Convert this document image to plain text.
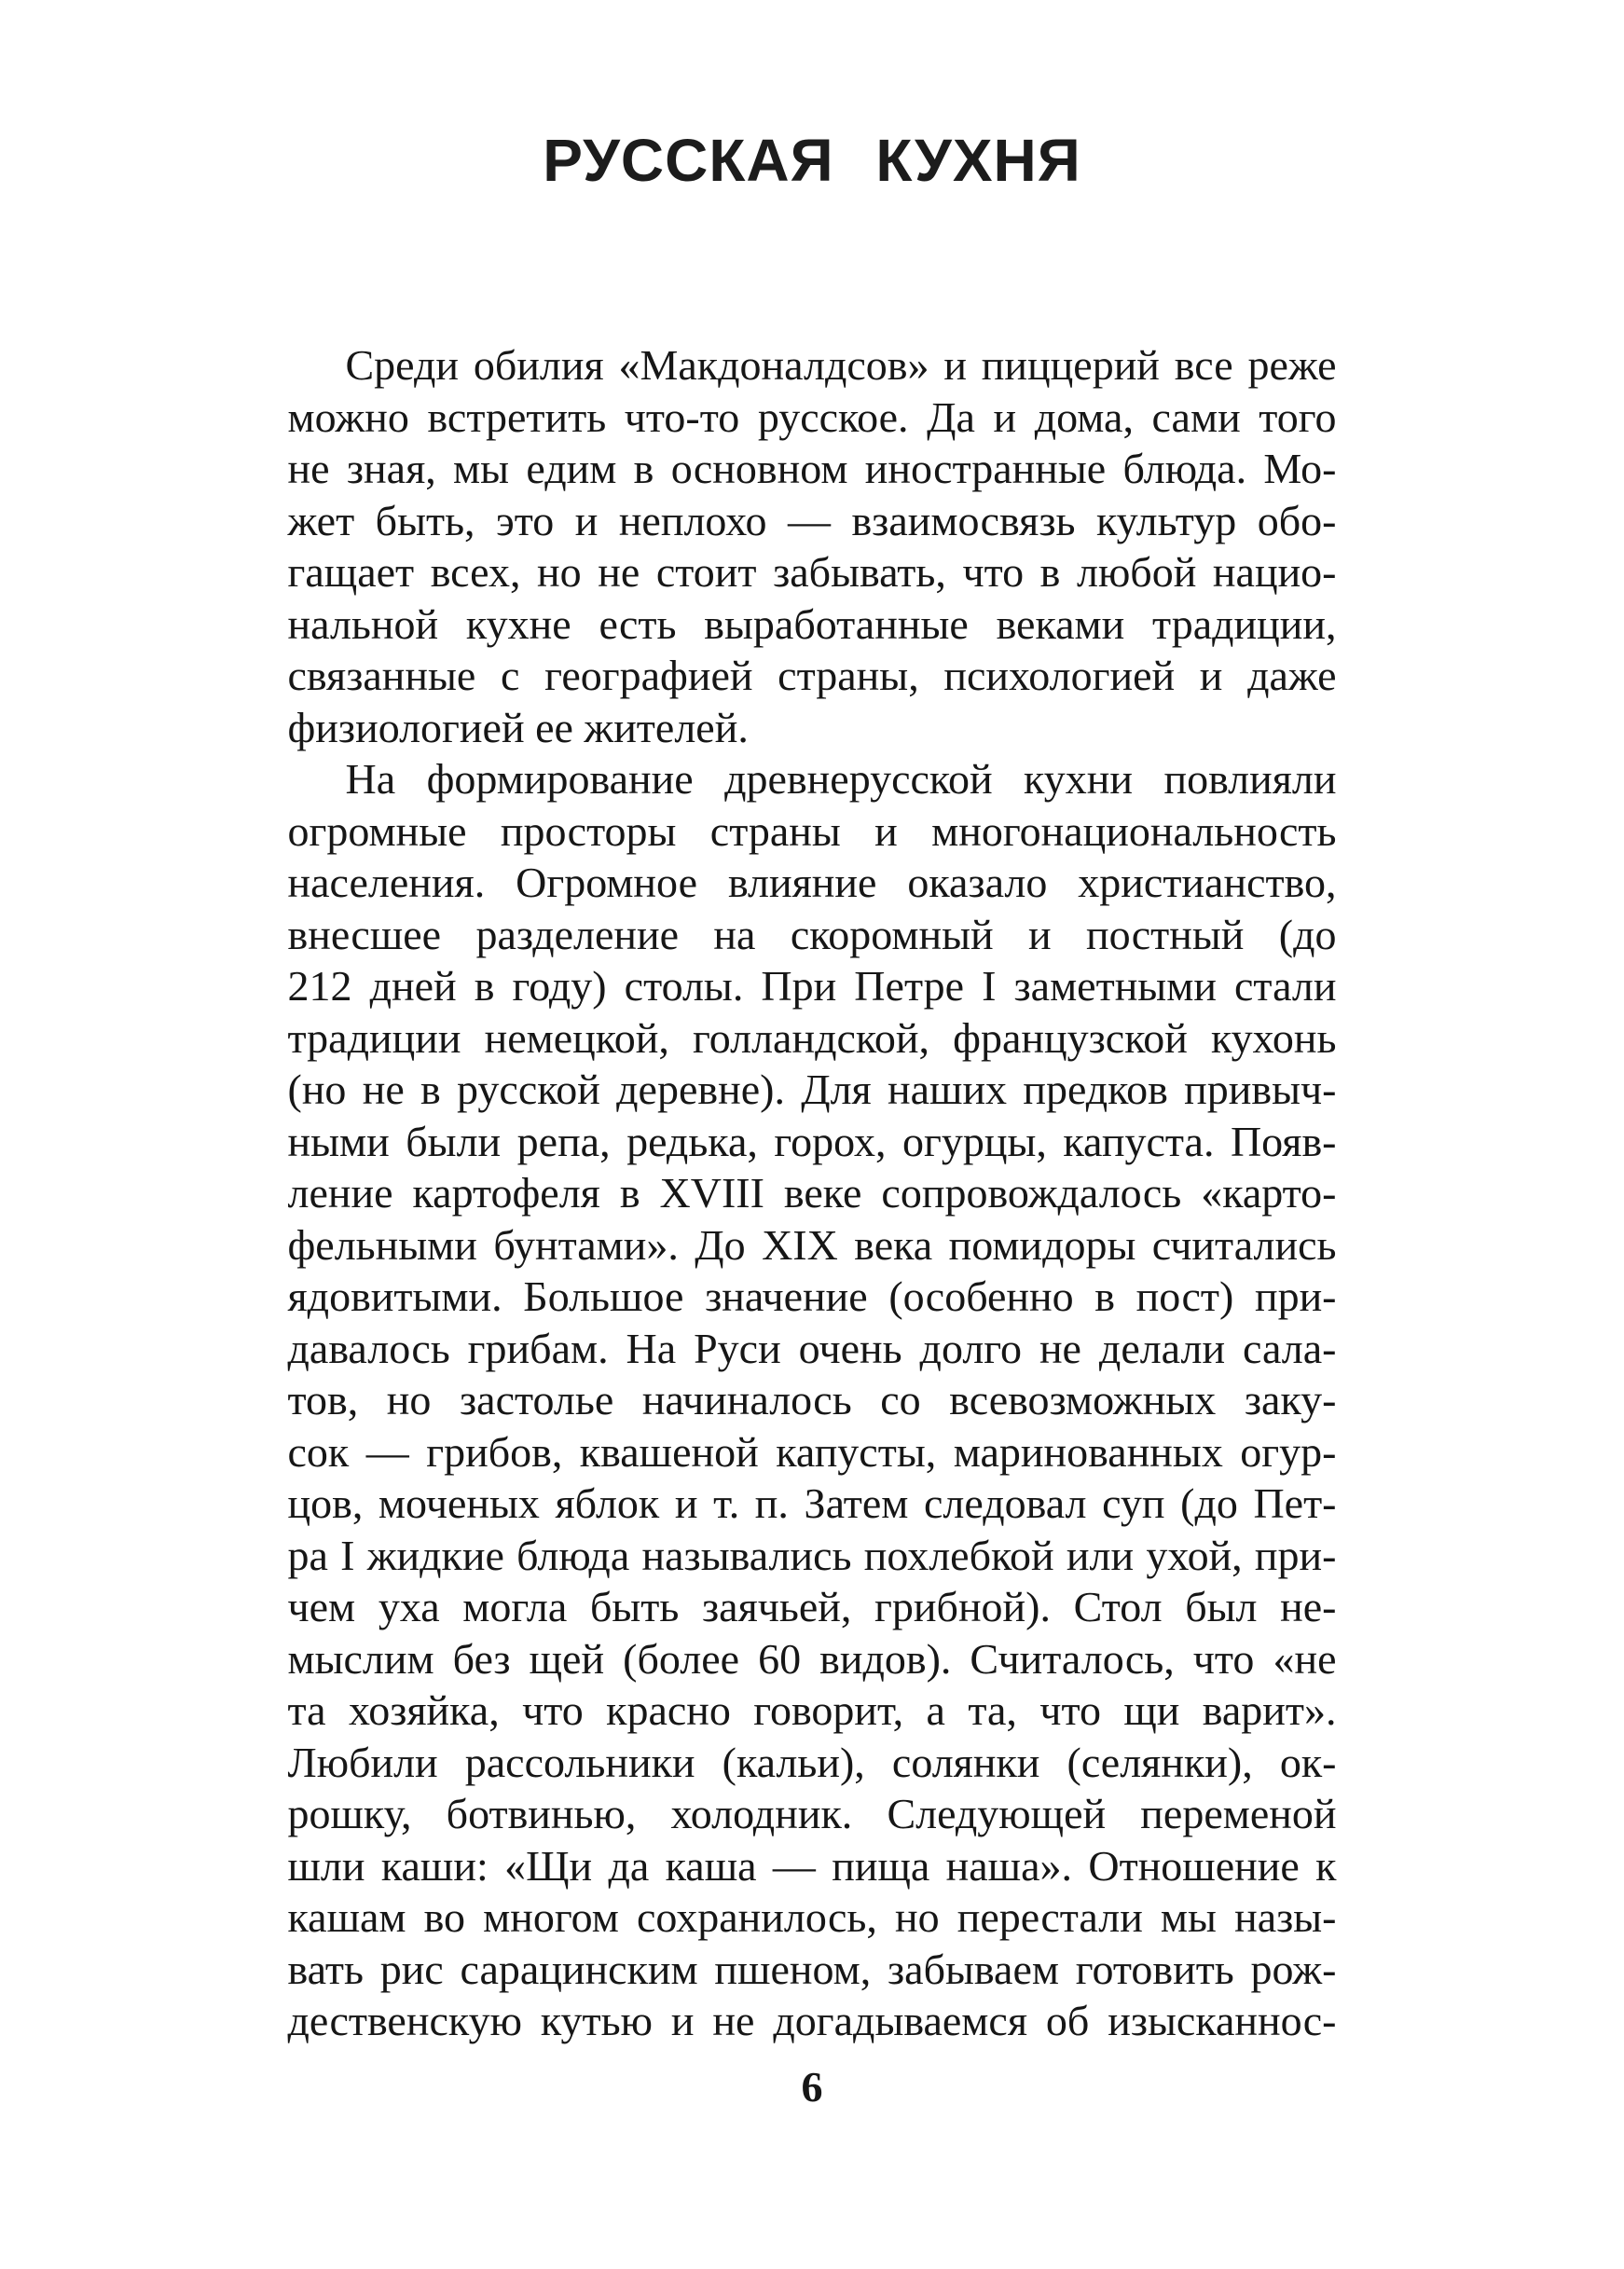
РУССКАЯ КУХНЯ
Среди обилия «Макдоналдсов» и пиццерий все реже
можно встретить что-то русское. Да и дома, сами того
не зная, мы едим в основном иностранные блюда. Мо-
жет быть, это и неплохо — взаимосвязь культур обо-
гащает всех, но не стоит забывать, что в любой нацио-
нальной кухне есть выработанные веками традиции,
связанные с географией страны, психологией и даже
физиологией ее жителей.
На формирование древнерусской кухни повлияли
огромные просторы страны и многонациональность
населения. Огромное влияние оказало христианство,
внесшее разделение на скоромный и постный (до
212 дней в году) столы. При Петре I заметными стали
традиции немецкой, голландской, французской кухонь
(но не в русской деревне). Для наших предков привыч-
ными были репа, редька, горох, огурцы, капуста. Появ-
ление картофеля в XVIII веке сопровождалось «карто-
фельными бунтами». До XIX века помидоры считались
ядовитыми. Большое значение (особенно в пост) при-
давалось грибам. На Руси очень долго не делали сала-
тов, но застолье начиналось со всевозможных заку-
сок — грибов, квашеной капусты, маринованных огур-
цов, моченых яблок и т. п. Затем следовал суп (до Пет-
ра I жидкие блюда назывались похлебкой или ухой, при-
чем уха могла быть заячьей, грибной). Стол был не-
мыслим без щей (более 60 видов). Считалось, что «не
та хозяйка, что красно говорит, а та, что щи варит».
Любили рассольники (кальи), солянки (селянки), ок-
рошку, ботвинью, холодник. Следующей переменой
шли каши: «Щи да каша — пища наша». Отношение к
кашам во многом сохранилось, но перестали мы назы-
вать рис сарацинским пшеном, забываем готовить рож-
дественскую кутью и не догадываемся об изысканнос-
6
